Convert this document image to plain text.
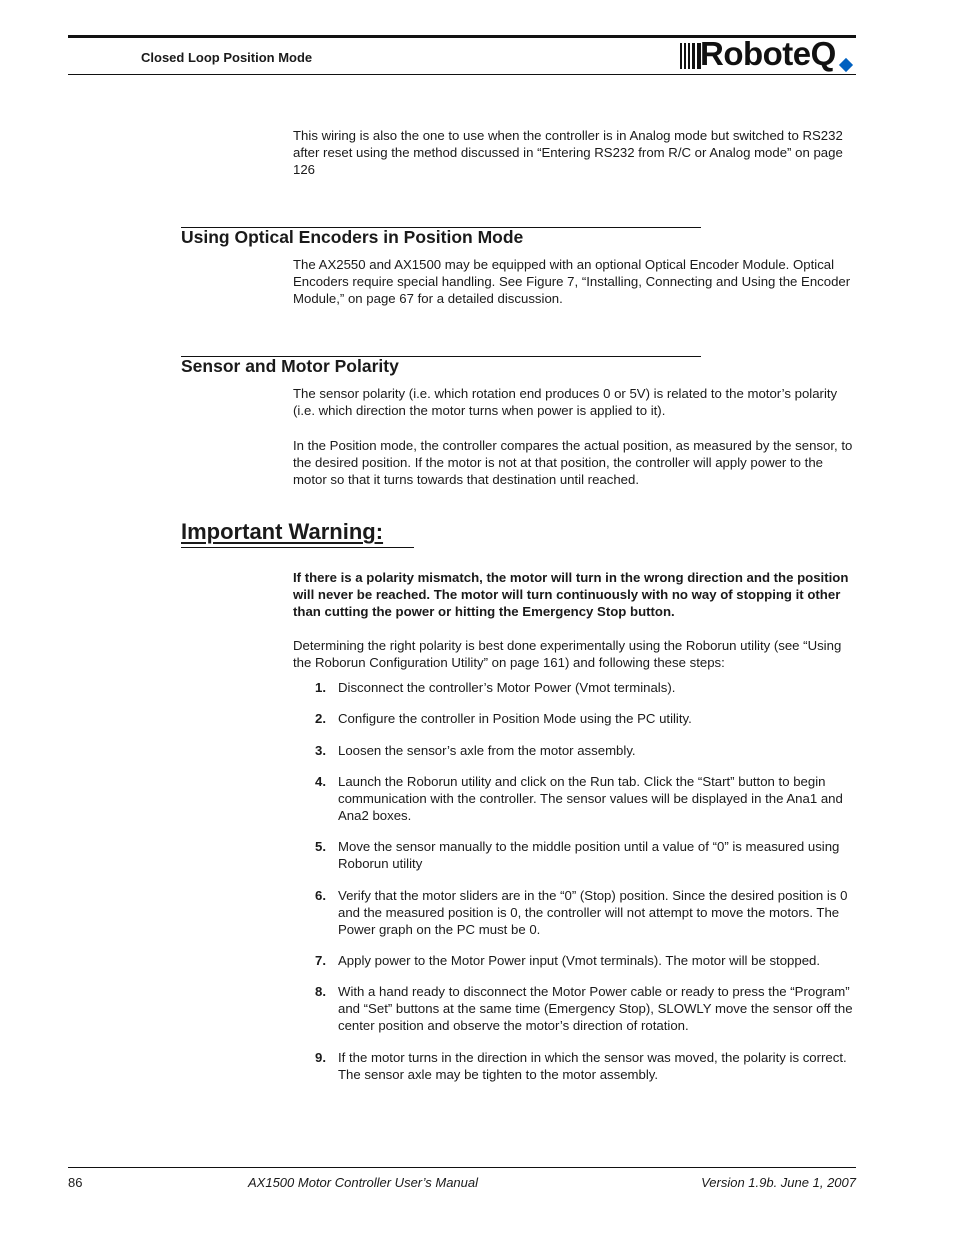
Closed Loop Position Mode	RoboteQ
This wiring is also the one to use when the controller is in Analog mode but switched to RS232 after reset using the method discussed in “Entering RS232 from R/C or Analog mode” on page 126
Using Optical Encoders in Position Mode
The AX2550 and AX1500 may be equipped with an optional Optical Encoder Module. Optical Encoders require special handling. See Figure 7, “Installing, Connecting and Using the Encoder Module,” on page 67 for a detailed discussion.
Sensor and Motor Polarity
The sensor polarity (i.e. which rotation end produces 0 or 5V) is related to the motor’s polarity (i.e. which direction the motor turns when power is applied to it).
In the Position mode, the controller compares the actual position, as measured by the sensor, to the desired position. If the motor is not at that position, the controller will apply power to the motor so that it turns towards that destination until reached.
Important Warning:
If there is a polarity mismatch, the motor will turn in the wrong direction and the position will never be reached. The motor will turn continuously with no way of stopping it other than cutting the power or hitting the Emergency Stop button.
Determining the right polarity is best done experimentally using the Roborun utility (see “Using the Roborun Configuration Utility” on page 161) and following these steps:
1. Disconnect the controller’s Motor Power (Vmot terminals).
2. Configure the controller in Position Mode using the PC utility.
3. Loosen the sensor’s axle from the motor assembly.
4. Launch the Roborun utility and click on the Run tab. Click the “Start” button to begin communication with the controller. The sensor values will be displayed in the Ana1 and Ana2 boxes.
5. Move the sensor manually to the middle position until a value of “0” is measured using Roborun utility
6. Verify that the motor sliders are in the “0” (Stop) position. Since the desired position is 0 and the measured position is 0, the controller will not attempt to move the motors. The Power graph on the PC must be 0.
7. Apply power to the Motor Power input (Vmot terminals). The motor will be stopped.
8. With a hand ready to disconnect the Motor Power cable or ready to press the “Program” and “Set” buttons at the same time (Emergency Stop), SLOWLY move the sensor off the center position and observe the motor’s direction of rotation.
9. If the motor turns in the direction in which the sensor was moved, the polarity is correct. The sensor axle may be tighten to the motor assembly.
86	AX1500 Motor Controller User’s Manual	Version 1.9b. June 1, 2007
